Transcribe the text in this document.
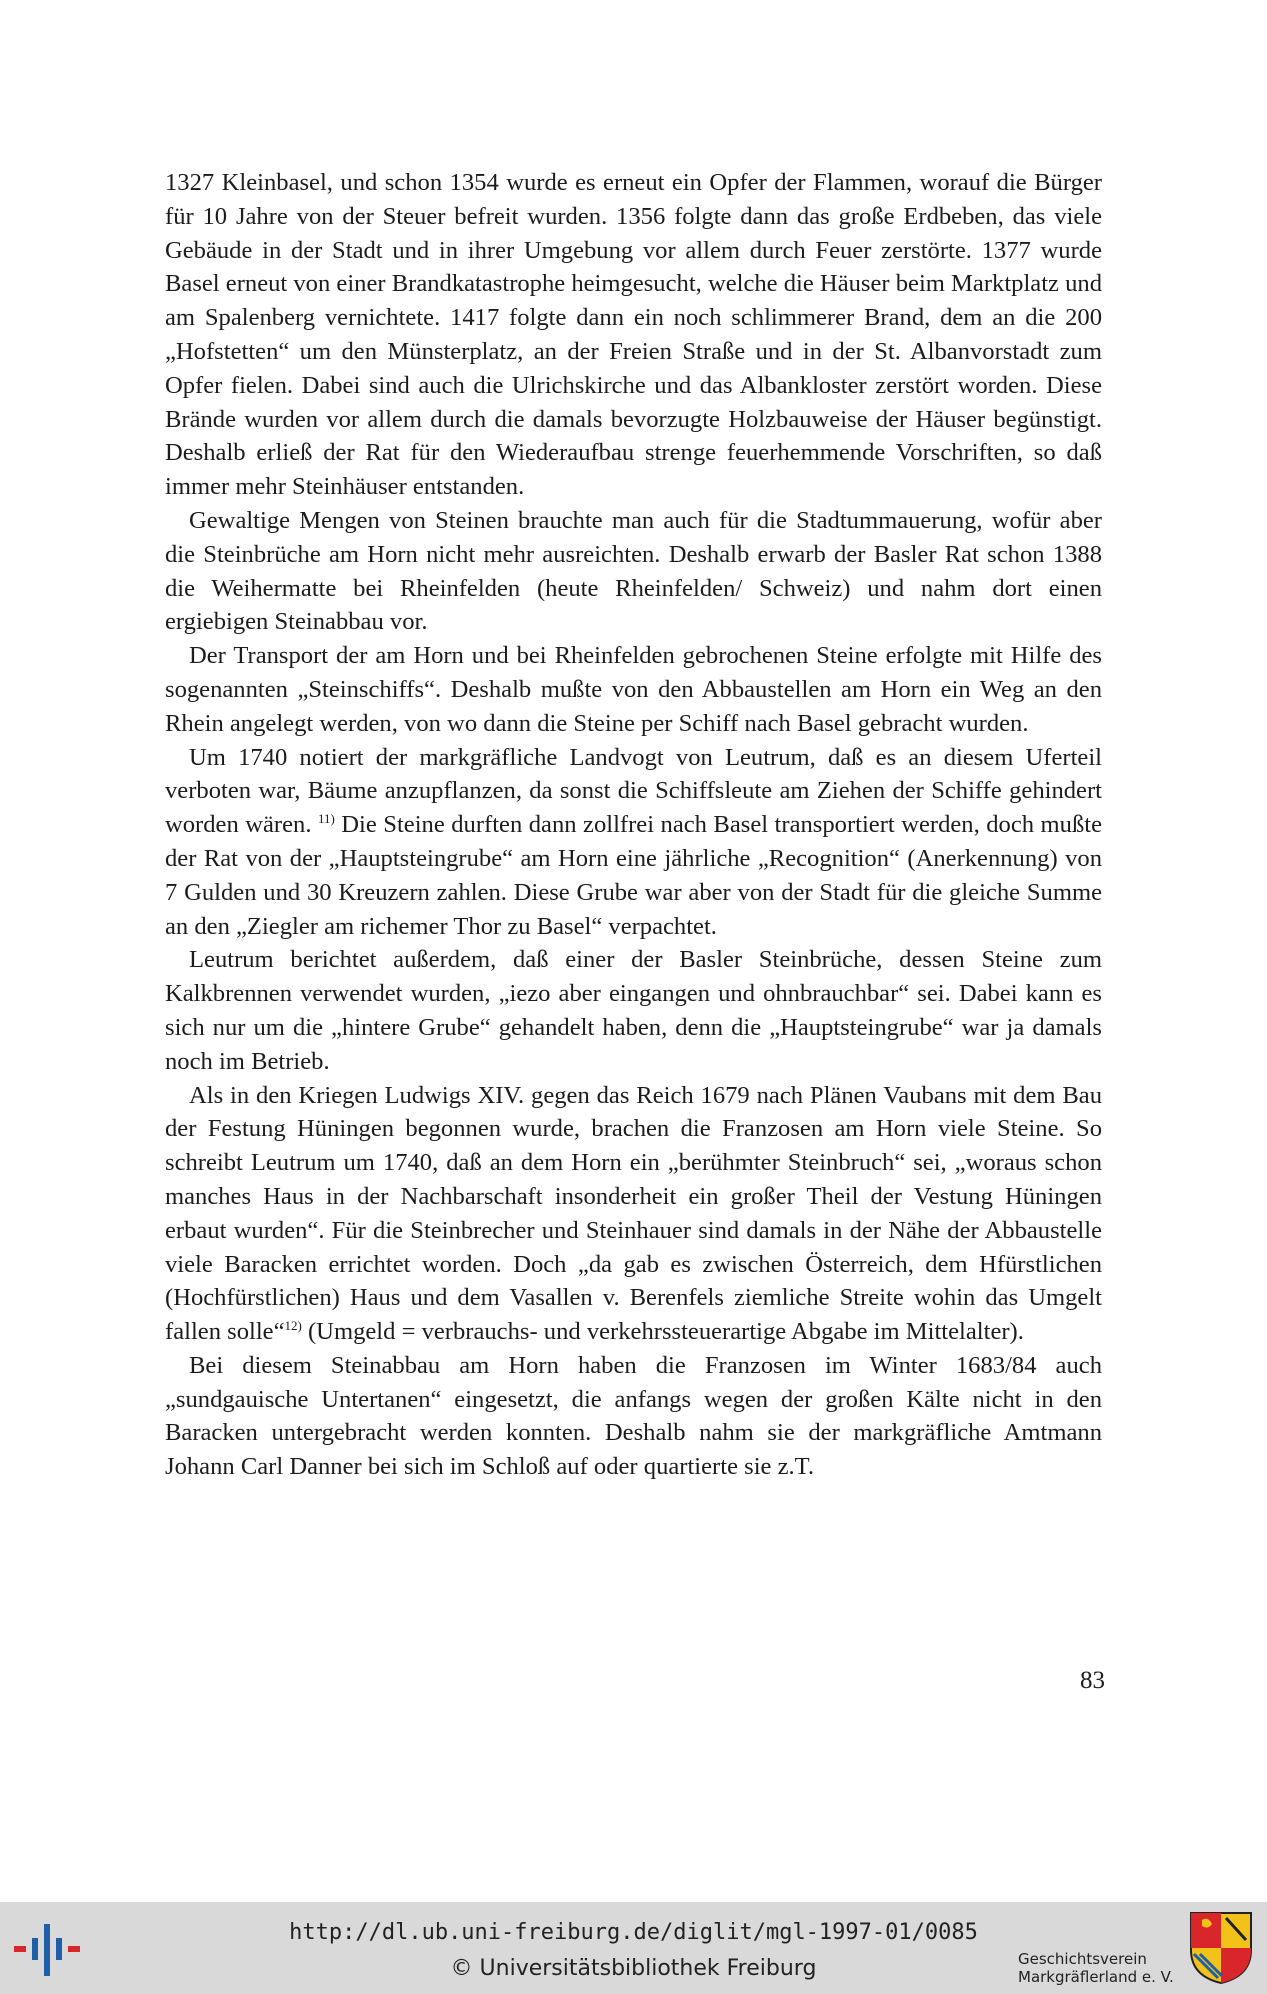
1327 Kleinbasel, und schon 1354 wurde es erneut ein Opfer der Flammen, worauf die Bürger für 10 Jahre von der Steuer befreit wurden. 1356 folgte dann das große Erdbeben, das viele Gebäude in der Stadt und in ihrer Umgebung vor allem durch Feuer zerstörte. 1377 wurde Basel erneut von einer Brandkatastrophe heimgesucht, welche die Häuser beim Marktplatz und am Spalenberg vernichtete. 1417 folgte dann ein noch schlimmerer Brand, dem an die 200 „Hofstetten“ um den Münsterplatz, an der Freien Straße und in der St. Albanvorstadt zum Opfer fielen. Dabei sind auch die Ulrichskirche und das Albankloster zerstört worden. Diese Brände wurden vor allem durch die damals bevorzugte Holzbauweise der Häuser begünstigt. Deshalb erließ der Rat für den Wiederaufbau strenge feuerhemmende Vorschriften, so daß immer mehr Steinhäuser entstanden.

Gewaltige Mengen von Steinen brauchte man auch für die Stadtummauerung, wofür aber die Steinbrüche am Horn nicht mehr ausreichten. Deshalb erwarb der Basler Rat schon 1388 die Weihermatte bei Rheinfelden (heute Rheinfelden/ Schweiz) und nahm dort einen ergiebigen Steinabbau vor.

Der Transport der am Horn und bei Rheinfelden gebrochenen Steine erfolgte mit Hilfe des sogenannten „Steinschiffs“. Deshalb mußte von den Abbaustellen am Horn ein Weg an den Rhein angelegt werden, von wo dann die Steine per Schiff nach Basel gebracht wurden.

Um 1740 notiert der markgräfliche Landvogt von Leutrum, daß es an diesem Uferteil verboten war, Bäume anzupflanzen, da sonst die Schiffsleute am Ziehen der Schiffe gehindert worden wären. $^{11)}$ Die Steine durften dann zollfrei nach Basel transportiert werden, doch mußte der Rat von der „Hauptsteingrube“ am Horn eine jährliche „Recognition“ (Anerkennung) von 7 Gulden und 30 Kreuzern zahlen. Diese Grube war aber von der Stadt für die gleiche Summe an den „Ziegler am richemer Thor zu Basel“ verpachtet.

Leutrum berichtet außerdem, daß einer der Basler Steinbrüche, dessen Steine zum Kalkbrennen verwendet wurden, „iezo aber eingangen und ohnbrauchbar“ sei. Dabei kann es sich nur um die „hintere Grube“ gehandelt haben, denn die „Hauptsteingrube“ war ja damals noch im Betrieb.

Als in den Kriegen Ludwigs XIV. gegen das Reich 1679 nach Plänen Vaubans mit dem Bau der Festung Hüningen begonnen wurde, brachen die Franzosen am Horn viele Steine. So schreibt Leutrum um 1740, daß an dem Horn ein „berühmter Steinbruch“ sei, „woraus schon manches Haus in der Nachbarschaft insonderheit ein großer Theil der Vestung Hüningen erbaut wurden“. Für die Steinbrecher und Steinhauer sind damals in der Nähe der Abbaustelle viele Baracken errichtet worden. Doch „da gab es zwischen Österreich, dem Hfürstlichen (Hochfürstlichen) Haus und dem Vasallen v. Berenfels ziemliche Streite wohin das Umgelt fallen solle“$^{12)}$ (Umgeld = verbrauchs- und verkehrssteuerartige Abgabe im Mittelalter).

Bei diesem Steinabbau am Horn haben die Franzosen im Winter 1683/84 auch „sundgauische Untertanen“ eingesetzt, die anfangs wegen der großen Kälte nicht in den Baracken untergebracht werden konnten. Deshalb nahm sie der markgräfliche Amtmann Johann Carl Danner bei sich im Schloß auf oder quartierte sie z.T.

83
http://dl.ub.uni-freiburg.de/diglit/mgl-1997-01/0085
© Universitätsbibliothek Freiburg	Geschichtsverein
Markgräflerland e. V.
